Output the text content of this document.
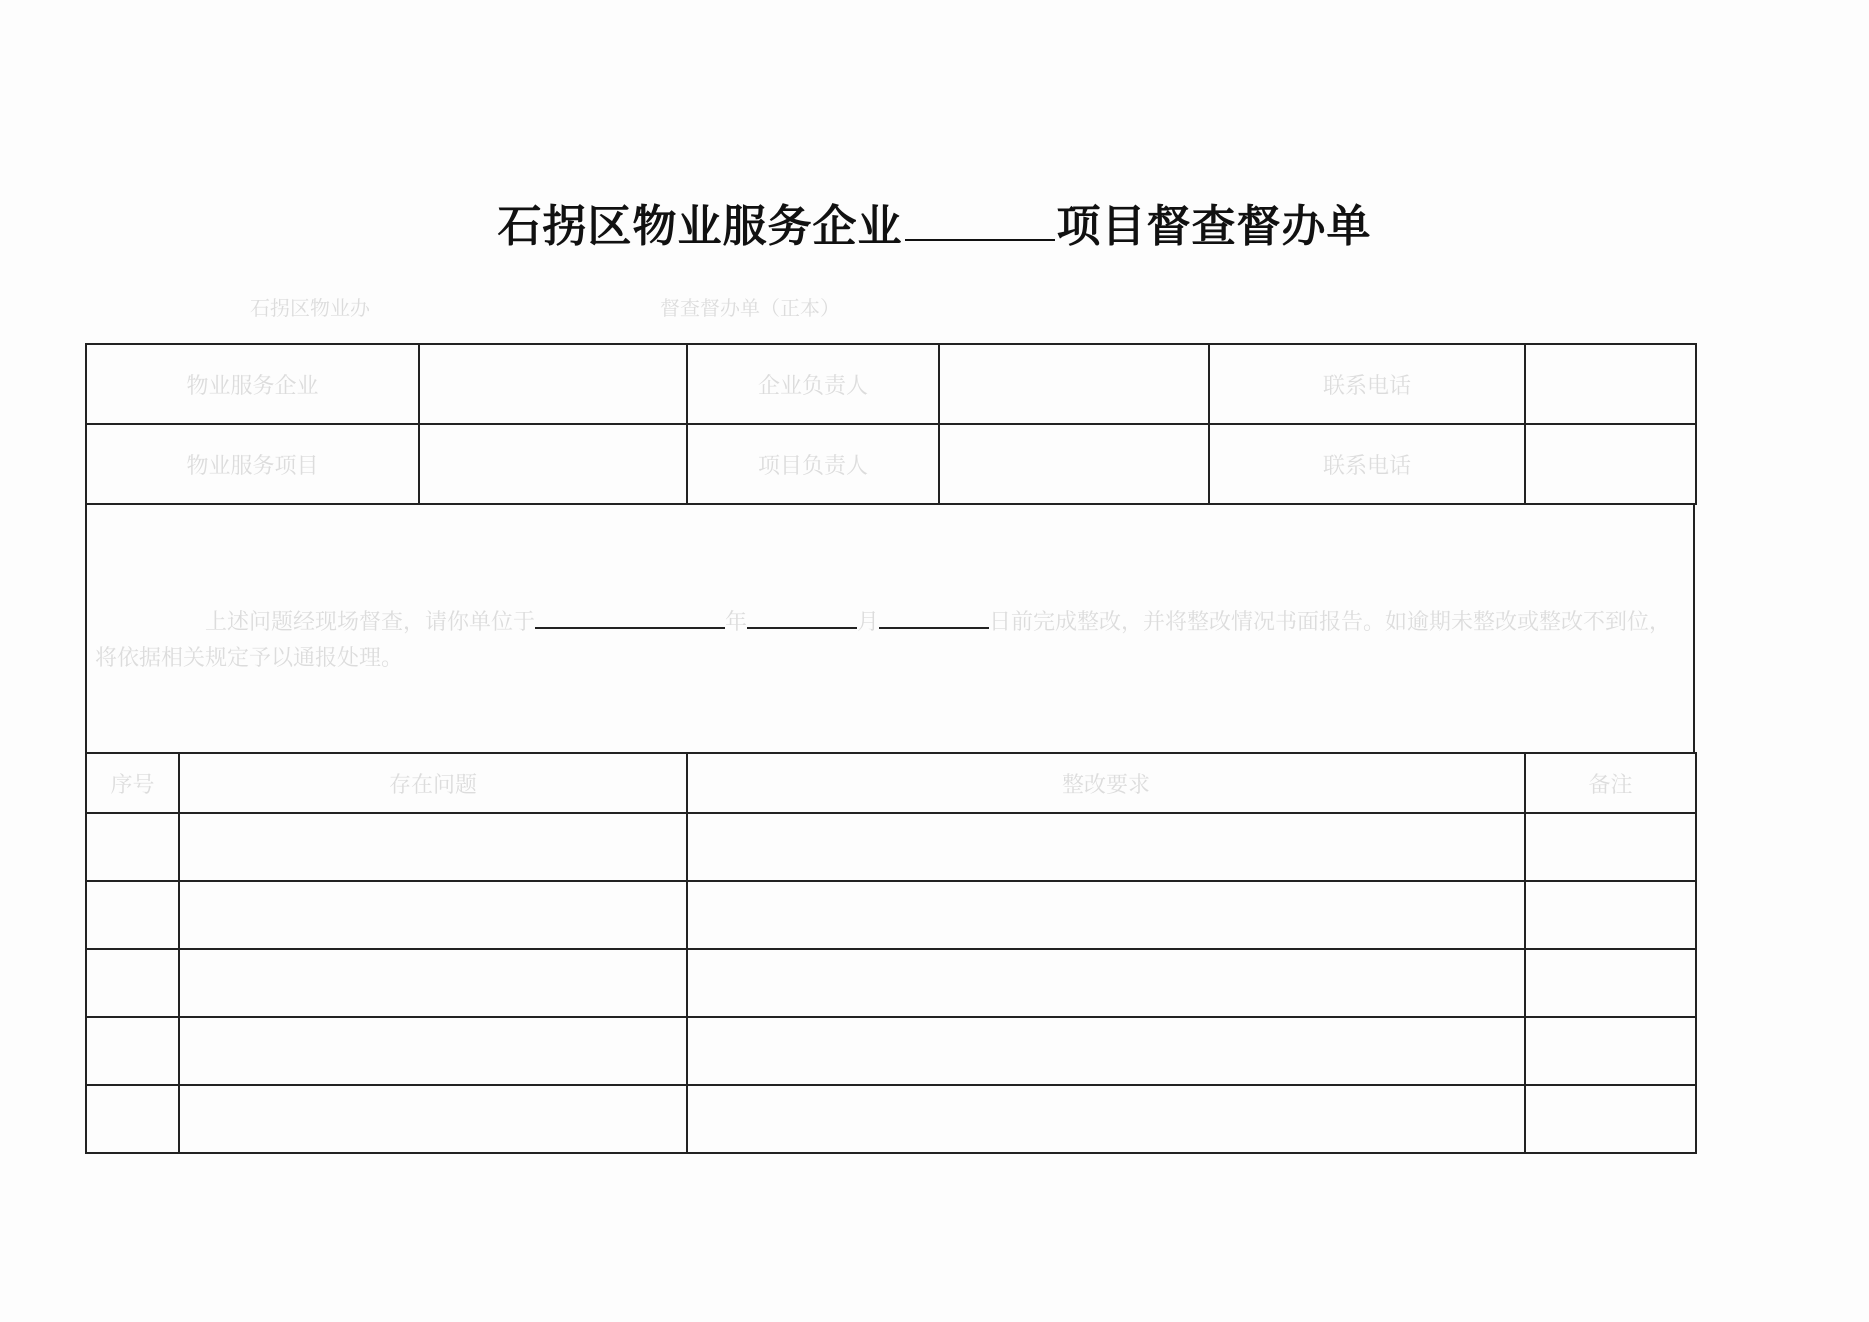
石拐区物业服务企业	项目督查督办单
石拐区物业办	督查督办单（正本）
物业服务企业		企业负责人		联系电话	
物业服务项目		项目负责人		联系电话	
上述问题经现场督查，请你单位于	年	月	日前完成整改，并将整改情况书面报告。如逾期未整改或整改不到位，将依据相关规定予以通报处理。
序号	存在问题	整改要求	备注
